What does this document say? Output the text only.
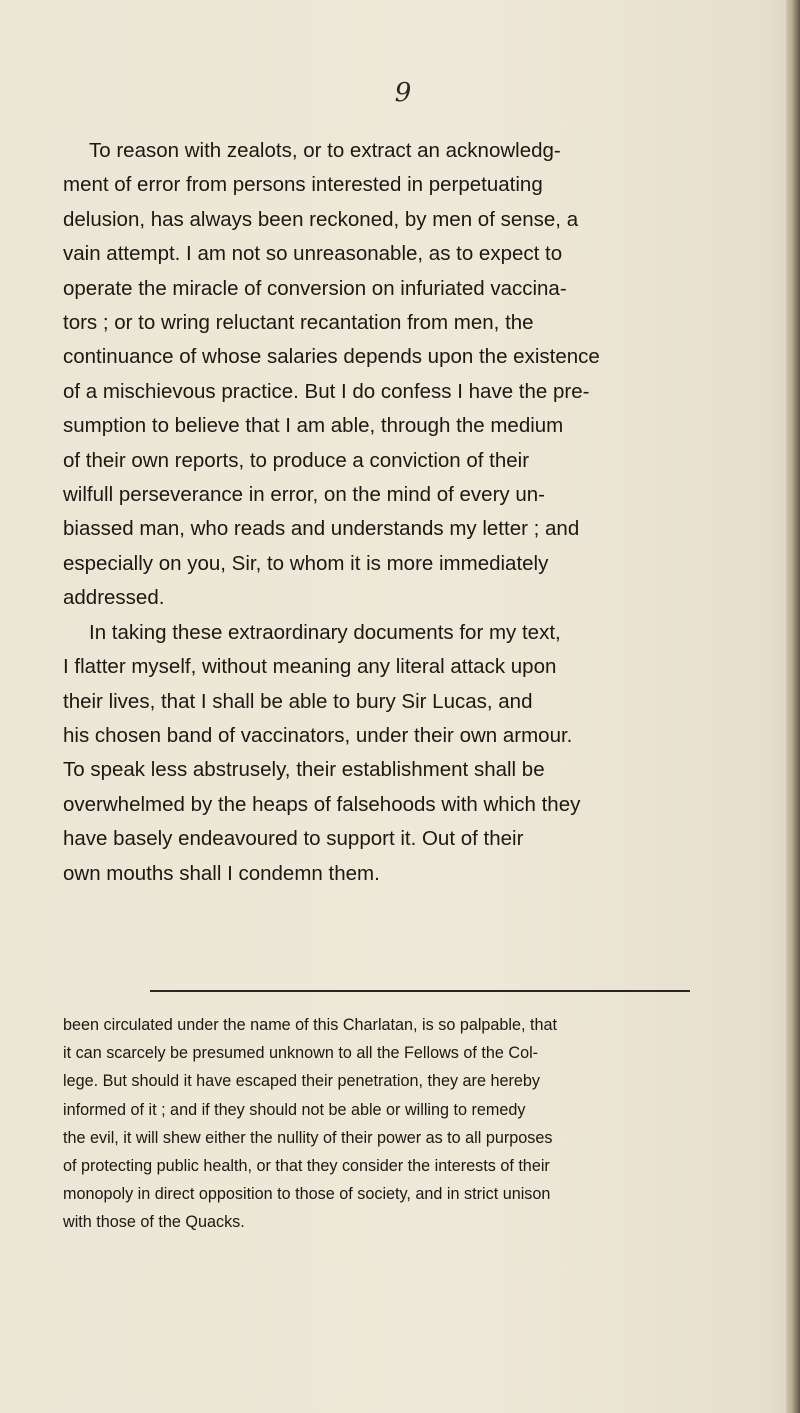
9
To reason with zealots, or to extract an acknowledg-
ment of error from persons interested in perpetuating
delusion, has always been reckoned, by men of sense, a
vain attempt. I am not so unreasonable, as to expect to
operate the miracle of conversion on infuriated vaccina-
tors ; or to wring reluctant recantation from men, the
continuance of whose salaries depends upon the existence
of a mischievous practice. But I do confess I have the pre-
sumption to believe that I am able, through the medium
of their own reports, to produce a conviction of their
wilfull perseverance in error, on the mind of every un-
biassed man, who reads and understands my letter ; and
especially on you, Sir, to whom it is more immediately
addressed.
In taking these extraordinary documents for my text,
I flatter myself, without meaning any literal attack upon
their lives, that I shall be able to bury Sir Lucas, and
his chosen band of vaccinators, under their own armour.
To speak less abstrusely, their establishment shall be
overwhelmed by the heaps of falsehoods with which they
have basely endeavoured to support it. Out of their
own mouths shall I condemn them.
been circulated under the name of this Charlatan, is so palpable, that
it can scarcely be presumed unknown to all the Fellows of the Col-
lege. But should it have escaped their penetration, they are hereby
informed of it ; and if they should not be able or willing to remedy
the evil, it will shew either the nullity of their power as to all purposes
of protecting public health, or that they consider the interests of their
monopoly in direct opposition to those of society, and in strict unison
with those of the Quacks.
